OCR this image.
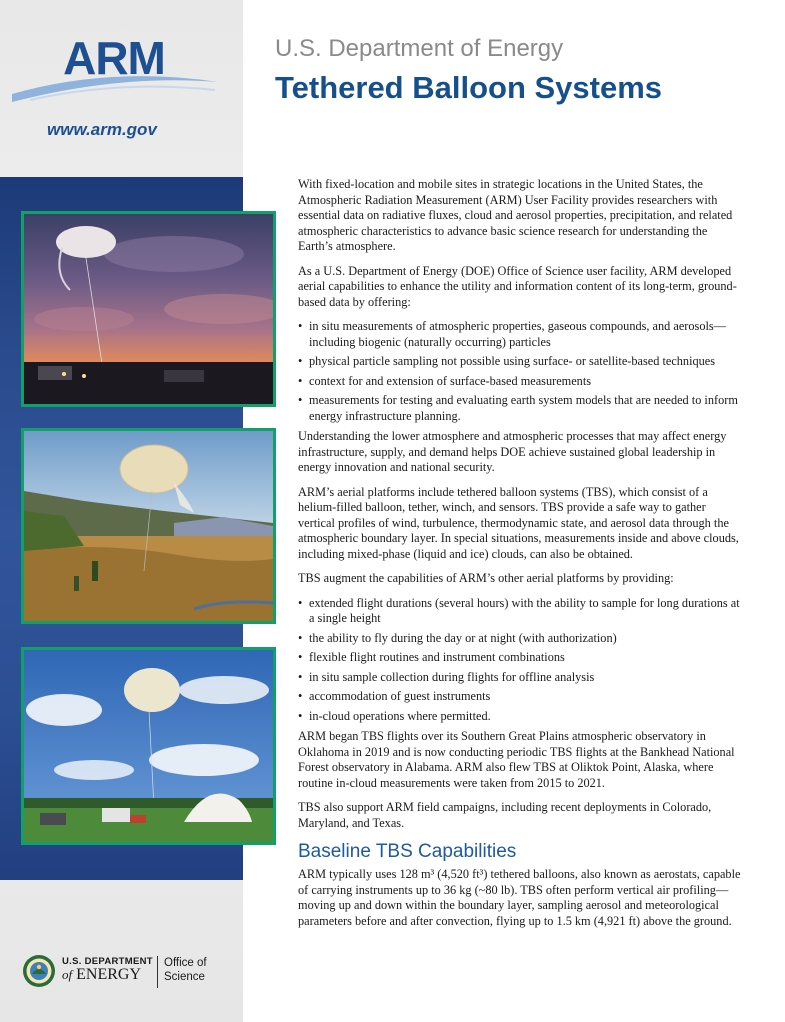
ARM
www.arm.gov
U.S. DEPARTMENT
of ENERGY
Office of
Science
U.S. Department of Energy
Tethered Balloon Systems

With fixed-location and mobile sites in strategic locations in the United States, the Atmospheric Radiation Measurement (ARM) User Facility provides researchers with essential data on radiative fluxes, cloud and aerosol properties, precipitation, and related atmospheric characteristics to advance basic science research for understanding the Earth’s atmosphere.

As a U.S. Department of Energy (DOE) Office of Science user facility, ARM developed aerial capabilities to enhance the utility and information content of its long-term, ground-based data by offering:

• in situ measurements of atmospheric properties, gaseous compounds, and aerosols—including biogenic (naturally occurring) particles
• physical particle sampling not possible using surface- or satellite-based techniques
• context for and extension of surface-based measurements
• measurements for testing and evaluating earth system models that are needed to inform energy infrastructure planning.

Understanding the lower atmosphere and atmospheric processes that may affect energy infrastructure, supply, and demand helps DOE achieve sustained global leadership in energy innovation and national security.

ARM’s aerial platforms include tethered balloon systems (TBS), which consist of a helium-filled balloon, tether, winch, and sensors. TBS provide a safe way to gather vertical profiles of wind, turbulence, thermodynamic state, and aerosol data through the atmospheric boundary layer. In special situations, measurements inside and above clouds, including mixed-phase (liquid and ice) clouds, can also be obtained.

TBS augment the capabilities of ARM’s other aerial platforms by providing:

• extended flight durations (several hours) with the ability to sample for long durations at a single height
• the ability to fly during the day or at night (with authorization)
• flexible flight routines and instrument combinations
• in situ sample collection during flights for offline analysis
• accommodation of guest instruments
• in-cloud operations where permitted.

ARM began TBS flights over its Southern Great Plains atmospheric observatory in Oklahoma in 2019 and is now conducting periodic TBS flights at the Bankhead National Forest observatory in Alabama. ARM also flew TBS at Oliktok Point, Alaska, where routine in-cloud measurements were taken from 2015 to 2021.

TBS also support ARM field campaigns, including recent deployments in Colorado, Maryland, and Texas.

Baseline TBS Capabilities

ARM typically uses 128 m³ (4,520 ft³) tethered balloons, also known as aerostats, capable of carrying instruments up to 36 kg (~80 lb). TBS often perform vertical air profiling—moving up and down within the boundary layer, sampling aerosol and meteorological parameters before and after convection, flying up to 1.5 km (4,921 ft) above the ground.
